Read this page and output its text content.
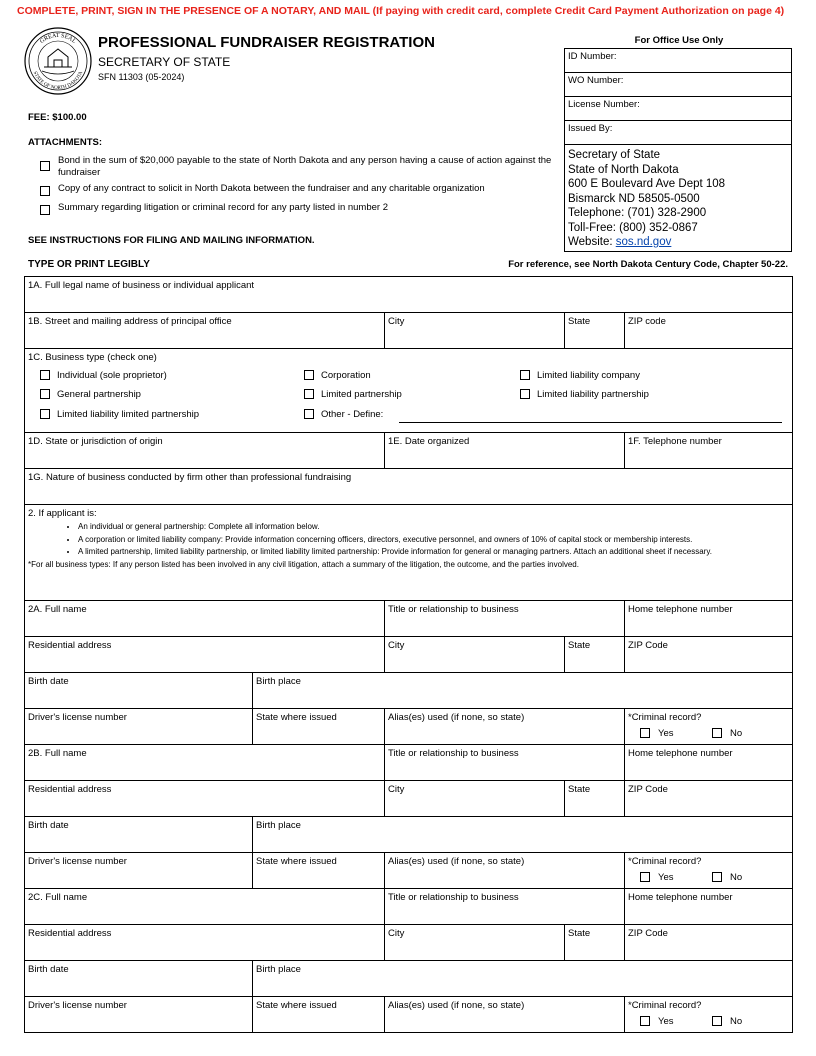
COMPLETE, PRINT, SIGN IN THE PRESENCE OF A NOTARY, AND MAIL (If paying with credit card, complete Credit Card Payment Authorization on page 4)
GREAT SEAL
STATE OF NORTH DAKOTA
PROFESSIONAL FUNDRAISER REGISTRATION
SECRETARY OF STATE
SFN 11303 (05-2024)
FEE: $100.00
ATTACHMENTS:
Bond in the sum of $20,000 payable to the state of North Dakota and any person having a cause of action against the fundraiser
Copy of any contract to solicit in North Dakota between the fundraiser and any charitable organization
Summary regarding litigation or criminal record for any party listed in number 2
SEE INSTRUCTIONS FOR FILING AND MAILING INFORMATION.
For Office Use Only
ID Number:
WO Number:
License Number:
Issued By:
Secretary of State
State of North Dakota
600 E Boulevard Ave Dept 108
Bismarck ND 58505-0500
Telephone: (701) 328-2900
Toll-Free: (800) 352-0867
Website: sos.nd.gov
TYPE OR PRINT LEGIBLY	For reference, see North Dakota Century Code, Chapter 50-22.
1A. Full legal name of business or individual applicant
1B. Street and mailing address of principal office	City	State	ZIP code
1C. Business type (check one)
Individual (sole proprietor)	Corporation	Limited liability company
General partnership	Limited partnership	Limited liability partnership
Limited liability limited partnership	Other - Define:
1D. State or jurisdiction of origin	1E. Date organized	1F. Telephone number
1G. Nature of business conducted by firm other than professional fundraising
2. If applicant is:
• An individual or general partnership: Complete all information below.
• A corporation or limited liability company: Provide information concerning officers, directors, executive personnel, and owners of 10% of capital stock or membership interests.
• A limited partnership, limited liability partnership, or limited liability limited partnership: Provide information for general or managing partners. Attach an additional sheet if necessary.
*For all business types: If any person listed has been involved in any civil litigation, attach a summary of the litigation, the outcome, and the parties involved.
2A. Full name	Title or relationship to business	Home telephone number
Residential address	City	State	ZIP Code
Birth date	Birth place
Driver's license number	State where issued	Alias(es) used (if none, so state)	*Criminal record?
Yes	No
2B. Full name	Title or relationship to business	Home telephone number
Residential address	City	State	ZIP Code
Birth date	Birth place
Driver's license number	State where issued	Alias(es) used (if none, so state)	*Criminal record?
Yes	No
2C. Full name	Title or relationship to business	Home telephone number
Residential address	City	State	ZIP Code
Birth date	Birth place
Driver's license number	State where issued	Alias(es) used (if none, so state)	*Criminal record?
Yes	No
